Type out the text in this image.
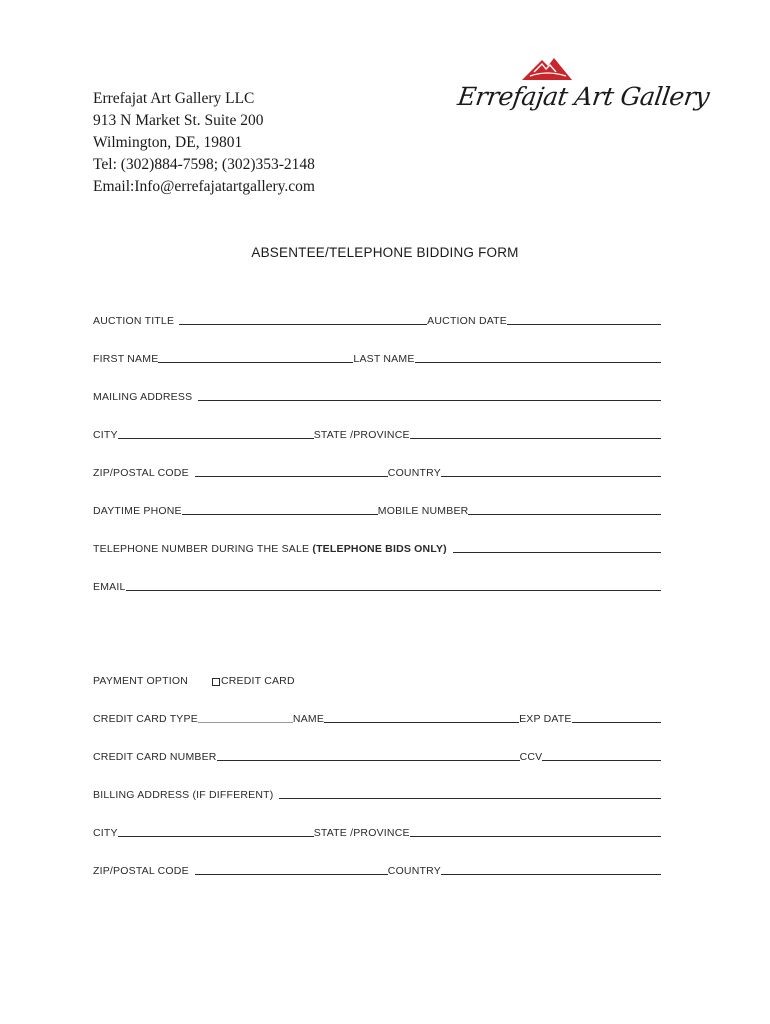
Errefajat Art Gallery LLC
913 N Market St. Suite 200
Wilmington, DE, 19801
Tel: (302)884-7598; (302)353-2148
Email:Info@errefajatartgallery.com
Errefajat Art Gallery
ABSENTEE/TELEPHONE BIDDING FORM
AUCTION TITLE	AUCTION DATE
FIRST NAME	LAST NAME
MAILING ADDRESS
CITY	STATE /PROVINCE
ZIP/POSTAL CODE	COUNTRY
DAYTIME PHONE	MOBILE NUMBER
TELEPHONE NUMBER DURING THE SALE (TELEPHONE BIDS ONLY)
EMAIL
PAYMENT OPTION	CREDIT CARD
CREDIT CARD TYPE	NAME	EXP DATE
CREDIT CARD NUMBER	CCV
BILLING ADDRESS (IF DIFFERENT)
CITY	STATE /PROVINCE
ZIP/POSTAL CODE	COUNTRY
